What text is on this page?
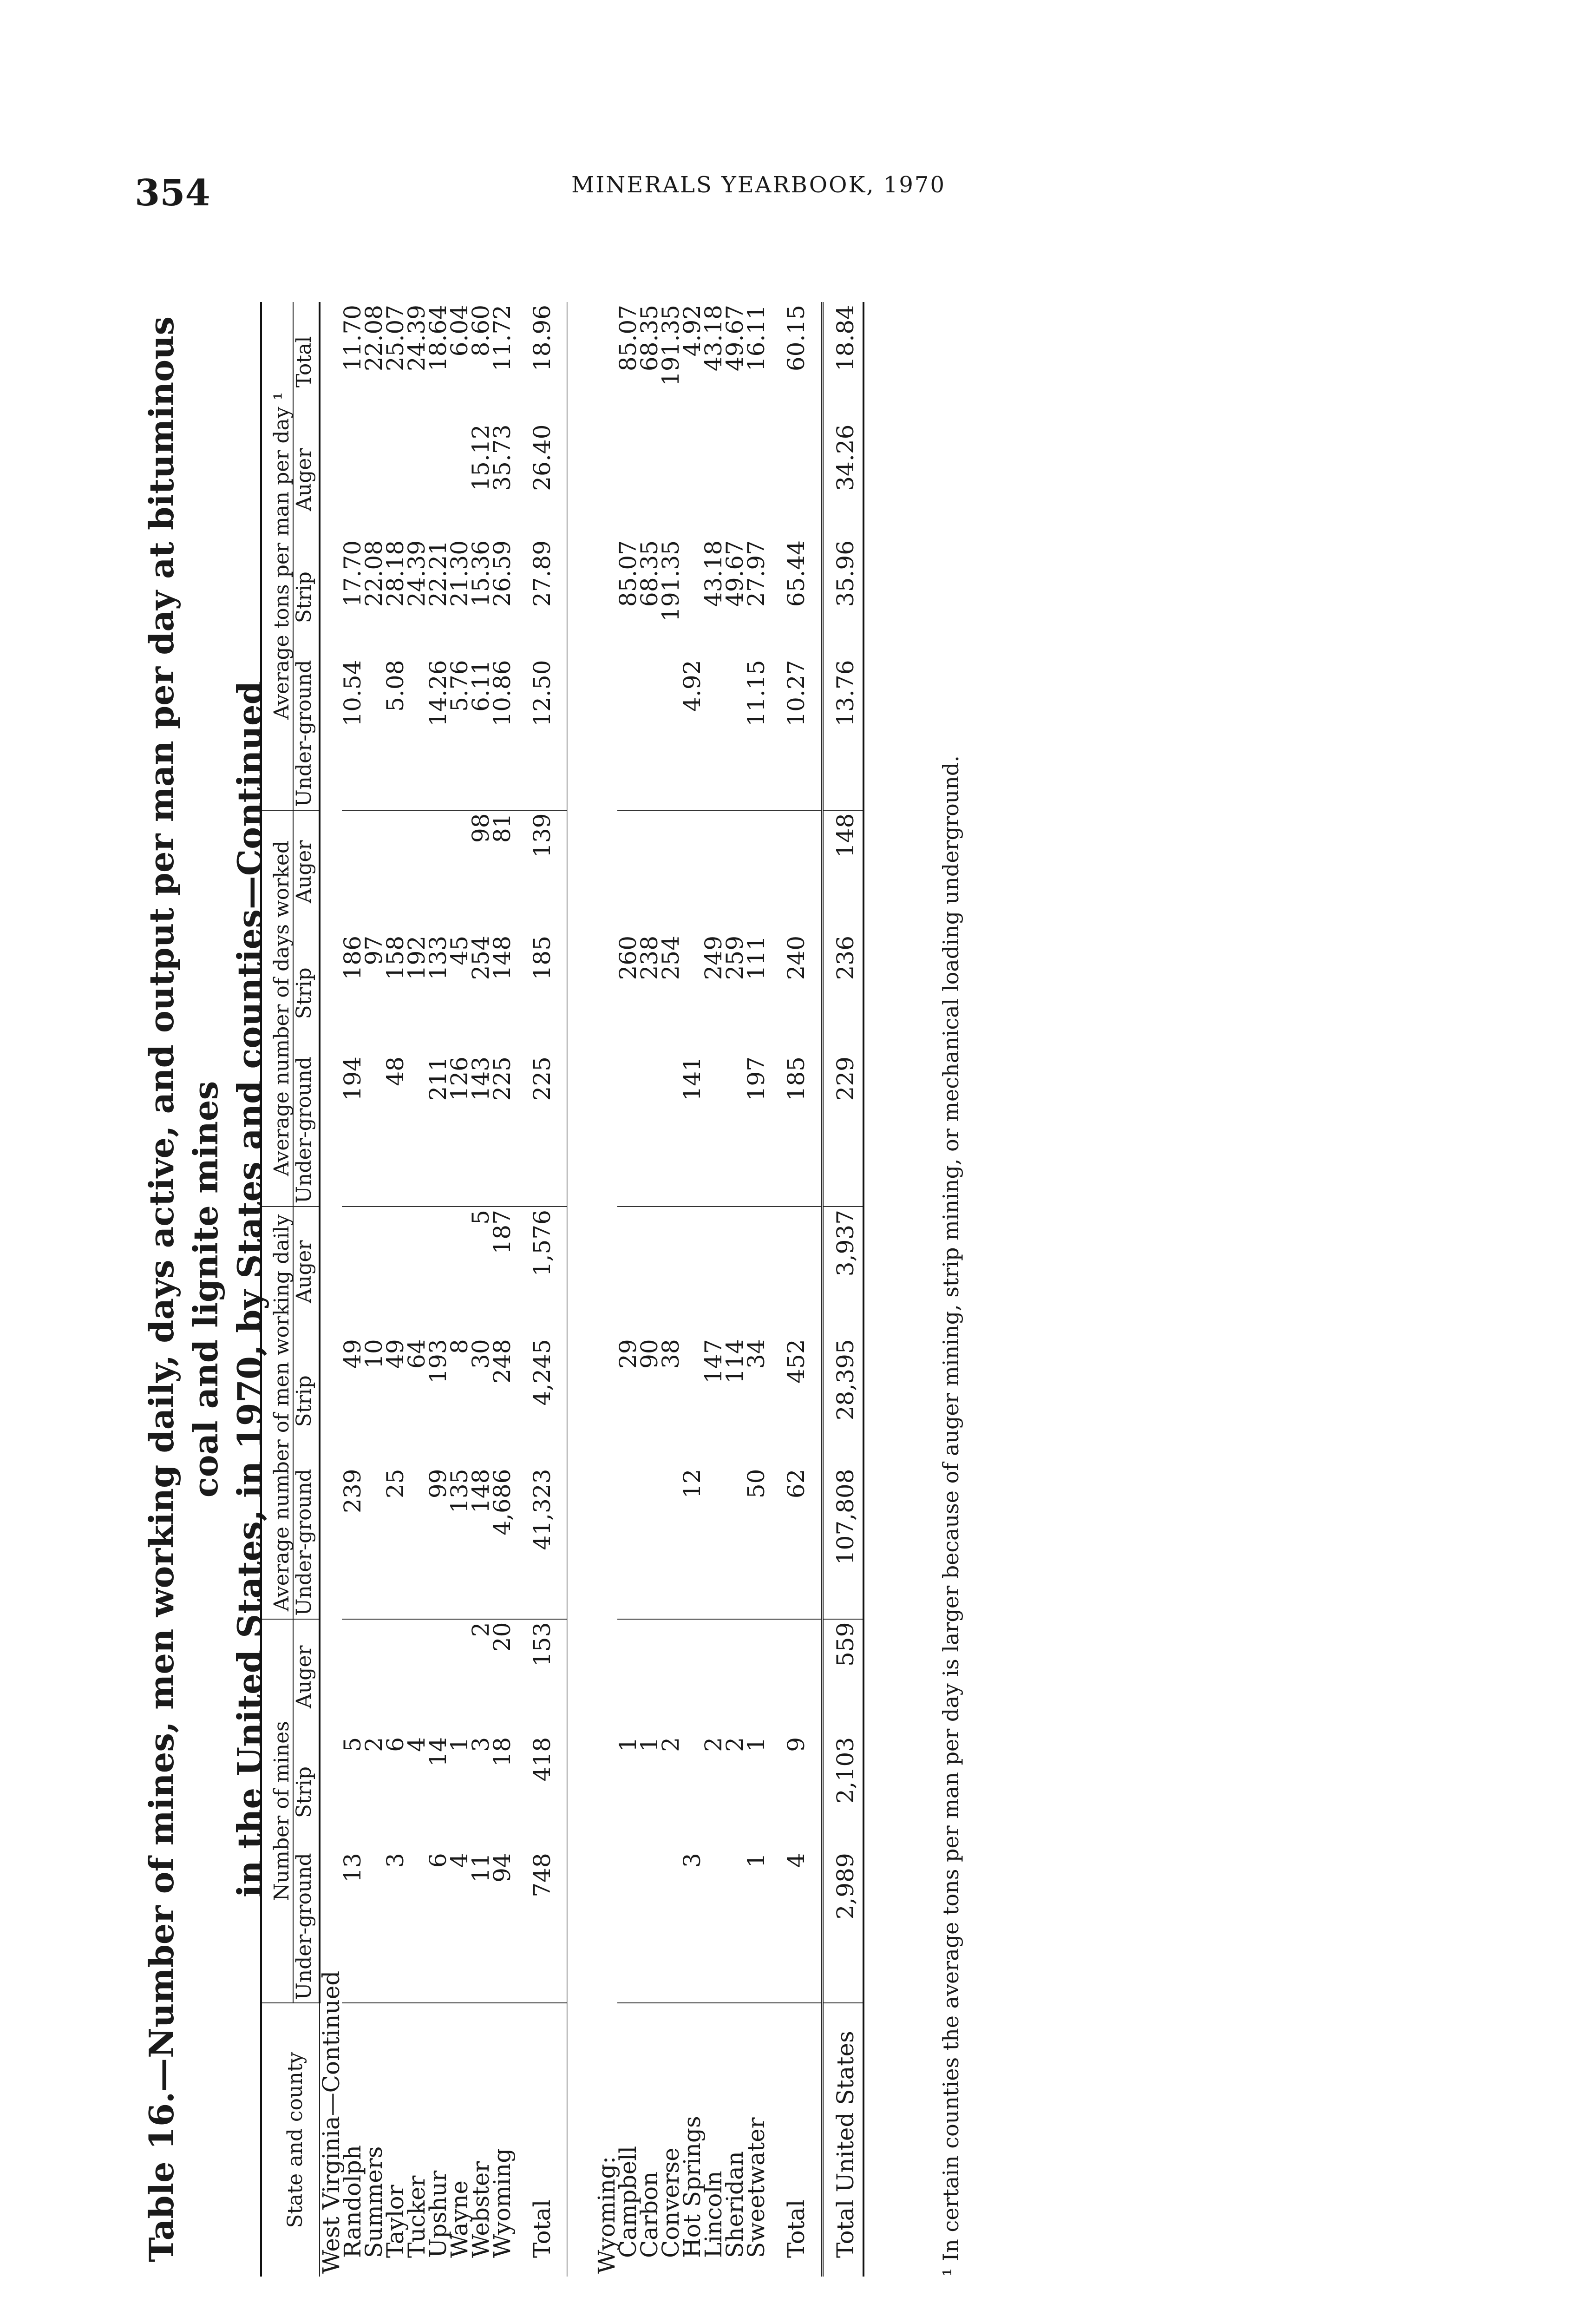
354	MINERALS YEARBOOK, 1970
Table 16.—Number of mines, men working daily, days active, and output per man per day at bituminous coal and lignite mines in the United States, in 1970, by States and counties—Continued
State and county	Number of mines			Average number of men working daily			Average number of days worked			Average tons per man per day ¹			
	Under-ground	Strip	Auger	Under-ground	Strip	Auger	Under-ground	Strip	Auger	Under-ground	Strip	Auger	Total
West Virginia—Continued													
Randolph	13	5		239	49		194	186		10.54	17.70		11.70
Summers		2			10			97			22.08		22.08
Taylor	3	6		25	49		48	158		5.08	28.18		25.07
Tucker		4			64			192			24.39		24.39
Upshur	6	14		99	193		211	133		14.26	22.21		18.64
Wayne	4	1		135	8		126	45		5.76	21.30		6.04
Webster	11	3	2	148	30	5	143	254	98	6.11	15.36	15.12	8.60
Wyoming	94	18	20	4,686	248	187	225	148	81	10.86	26.59	35.73	11.72
Total	748	418	153	41,323	4,245	1,576	225	185	139	12.50	27.89	26.40	18.96
Wyoming:													
Campbell		1			29			260			85.07		85.07
Carbon		1			90			238			68.35		68.35
Converse		2			38			254			191.35		191.35
Hot Springs	3			12			141			4.92			4.92
Lincoln		2			147			249			43.18		43.18
Sheridan		2			114			259			49.67		49.67
Sweetwater	1	1		50	34		197	111		11.15	27.97		16.11
Total	4	9		62	452		185	240		10.27	65.44		60.15
Total United States	2,989	2,103	559	107,808	28,395	3,937	229	236	148	13.76	35.96	34.26	18.84
¹ In certain counties the average tons per man per day is larger because of auger mining, strip mining, or mechanical loading underground.
